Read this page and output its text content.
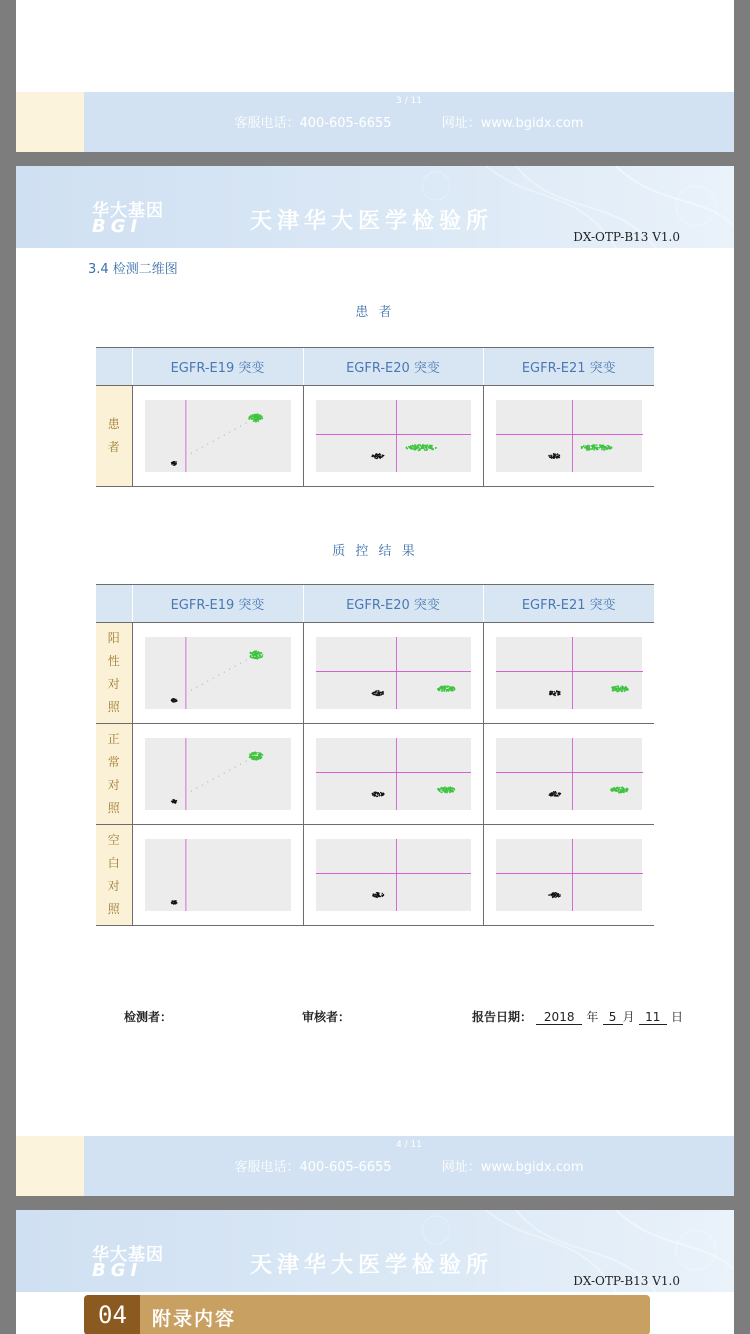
3 / 11
客服电话：400-605-6655	网址：www.bgidx.com
华大基因
BGI	天津华大医学检验所
DX-OTP-B13 V1.0
3.4 检测二维图
患 者
	EGFR-E19 突变	EGFR-E20 突变	EGFR-E21 突变
患者	

质 控 结 果
	EGFR-E19 突变	EGFR-E20 突变	EGFR-E21 突变
阳性对照	

正常对照	

空白对照	

检测者：	审核者：	报告日期： 2018 年 5 月 11 日
4 / 11
客服电话：400-605-6655	网址：www.bgidx.com
华大基因
BGI	天津华大医学检验所
DX-OTP-B13 V1.0
04 附录内容
